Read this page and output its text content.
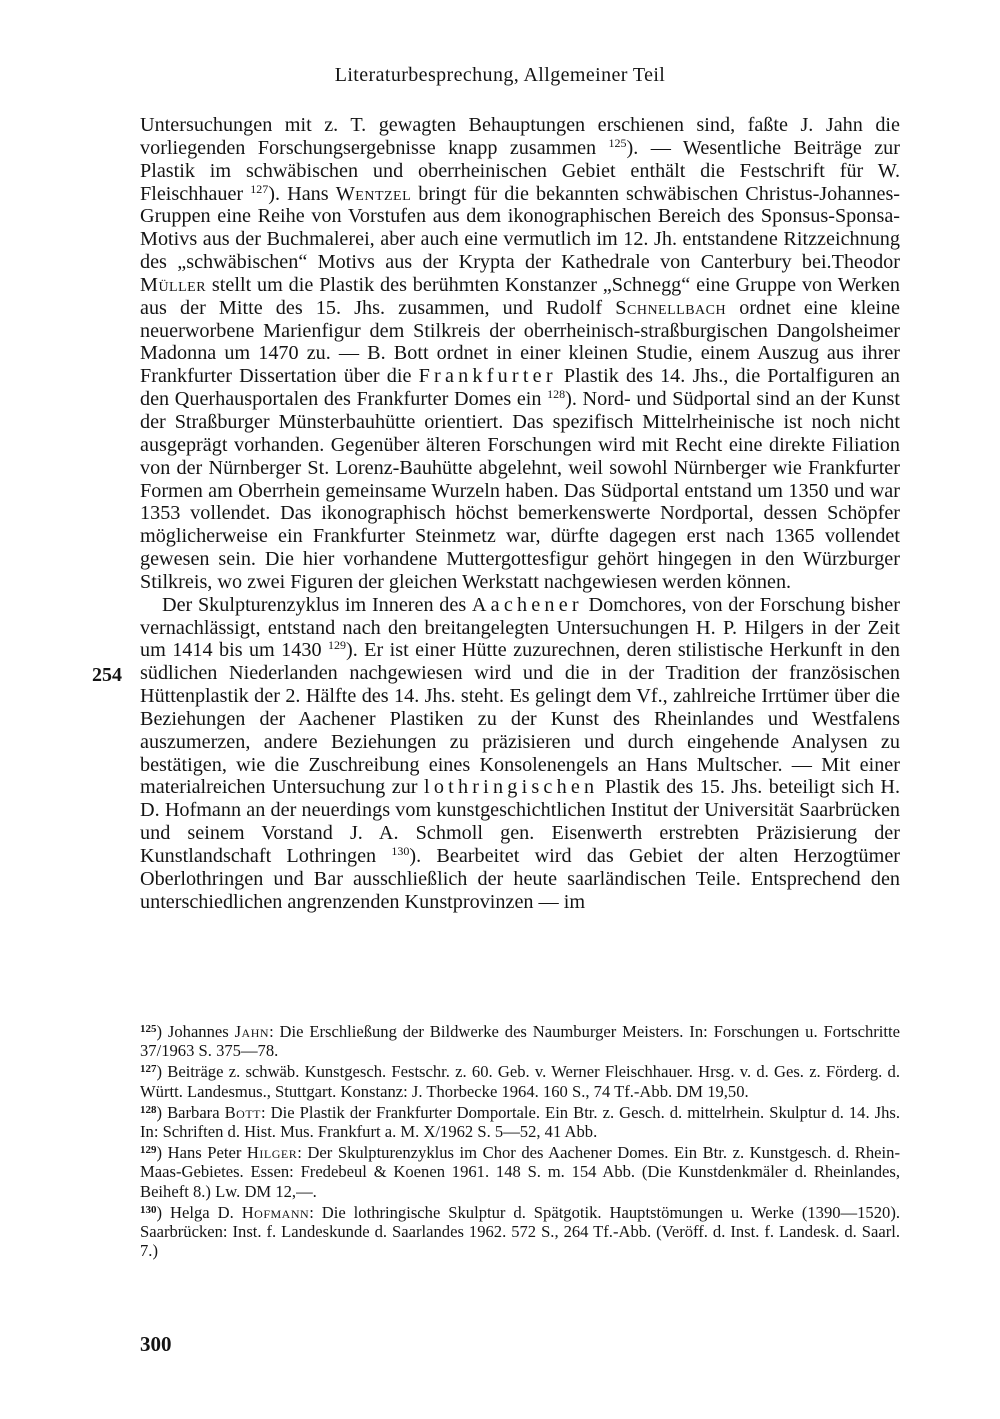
Literaturbesprechung, Allgemeiner Teil
254

Untersuchungen mit z. T. gewagten Behauptungen erschienen sind, faßte J. Jahn die vorliegenden Forschungsergebnisse knapp zusammen $^{125}$). — Wesentliche Beiträge zur Plastik im schwäbischen und oberrheinischen Gebiet enthält die Festschrift für W. Fleischhauer $^{127}$). Hans Wentzel bringt für die bekannten schwäbischen Christus-Johannes-Gruppen eine Reihe von Vorstufen aus dem ikonographischen Bereich des Sponsus-Sponsa-Motivs aus der Buchmalerei, aber auch eine vermutlich im 12. Jh. entstandene Ritzzeichnung des „schwäbischen“ Motivs aus der Krypta der Kathedrale von Canterbury bei.Theodor Müller stellt um die Plastik des berühmten Konstanzer „Schnegg“ eine Gruppe von Werken aus der Mitte des 15. Jhs. zusammen, und Rudolf Schnellbach ordnet eine kleine neuerworbene Marienfigur dem Stilkreis der oberrheinisch-straßburgischen Dangolsheimer Madonna um 1470 zu. — B. Bott ordnet in einer kleinen Studie, einem Auszug aus ihrer Frankfurter Dissertation über die Frankfurter Plastik des 14. Jhs., die Portalfiguren an den Querhausportalen des Frankfurter Domes ein $^{128}$). Nord- und Südportal sind an der Kunst der Straßburger Münsterbauhütte orientiert. Das spezifisch Mittelrheinische ist noch nicht ausgeprägt vorhanden. Gegenüber älteren Forschungen wird mit Recht eine direkte Filiation von der Nürnberger St. Lorenz-Bauhütte abgelehnt, weil sowohl Nürnberger wie Frankfurter Formen am Oberrhein gemeinsame Wurzeln haben. Das Südportal entstand um 1350 und war 1353 vollendet. Das ikonographisch höchst bemerkenswerte Nordportal, dessen Schöpfer möglicherweise ein Frankfurter Steinmetz war, dürfte dagegen erst nach 1365 vollendet gewesen sein. Die hier vorhandene Muttergottesfigur gehört hingegen in den Würzburger Stilkreis, wo zwei Figuren der gleichen Werkstatt nachgewiesen werden können.

Der Skulpturenzyklus im Inneren des Aachener Domchores, von der Forschung bisher vernachlässigt, entstand nach den breitangelegten Untersuchungen H. P. Hilgers in der Zeit um 1414 bis um 1430 $^{129}$). Er ist einer Hütte zuzurechnen, deren stilistische Herkunft in den südlichen Niederlanden nachgewiesen wird und die in der Tradition der französischen Hüttenplastik der 2. Hälfte des 14. Jhs. steht. Es gelingt dem Vf., zahlreiche Irrtümer über die Beziehungen der Aachener Plastiken zu der Kunst des Rheinlandes und Westfalens auszumerzen, andere Beziehungen zu präzisieren und durch eingehende Analysen zu bestätigen, wie die Zuschreibung eines Konsolenengels an Hans Multscher. — Mit einer materialreichen Untersuchung zur lothringischen Plastik des 15. Jhs. beteiligt sich H. D. Hofmann an der neuerdings vom kunstgeschichtlichen Institut der Universität Saarbrücken und seinem Vorstand J. A. Schmoll gen. Eisenwerth erstrebten Präzisierung der Kunstlandschaft Lothringen $^{130}$). Bearbeitet wird das Gebiet der alten Herzogtümer Oberlothringen und Bar ausschließlich der heute saarländischen Teile. Entsprechend den unterschiedlichen angrenzenden Kunstprovinzen — im

$^{125}$) Johannes Jahn: Die Erschließung der Bildwerke des Naumburger Meisters. In: Forschungen u. Fortschritte 37/1963 S. 375—78.

$^{127}$) Beiträge z. schwäb. Kunstgesch. Festschr. z. 60. Geb. v. Werner Fleischhauer. Hrsg. v. d. Ges. z. Förderg. d. Württ. Landesmus., Stuttgart. Konstanz: J. Thorbecke 1964. 160 S., 74 Tf.-Abb. DM 19,50.

$^{128}$) Barbara Bott: Die Plastik der Frankfurter Domportale. Ein Btr. z. Gesch. d. mittelrhein. Skulptur d. 14. Jhs. In: Schriften d. Hist. Mus. Frankfurt a. M. X/1962 S. 5—52, 41 Abb.

$^{129}$) Hans Peter Hilger: Der Skulpturenzyklus im Chor des Aachener Domes. Ein Btr. z. Kunstgesch. d. Rhein-Maas-Gebietes. Essen: Fredebeul & Koenen 1961. 148 S. m. 154 Abb. (Die Kunstdenkmäler d. Rheinlandes, Beiheft 8.) Lw. DM 12,—.

$^{130}$) Helga D. Hofmann: Die lothringische Skulptur d. Spätgotik. Hauptstömungen u. Werke (1390—1520). Saarbrücken: Inst. f. Landeskunde d. Saarlandes 1962. 572 S., 264 Tf.-Abb. (Veröff. d. Inst. f. Landesk. d. Saarl. 7.)

300
